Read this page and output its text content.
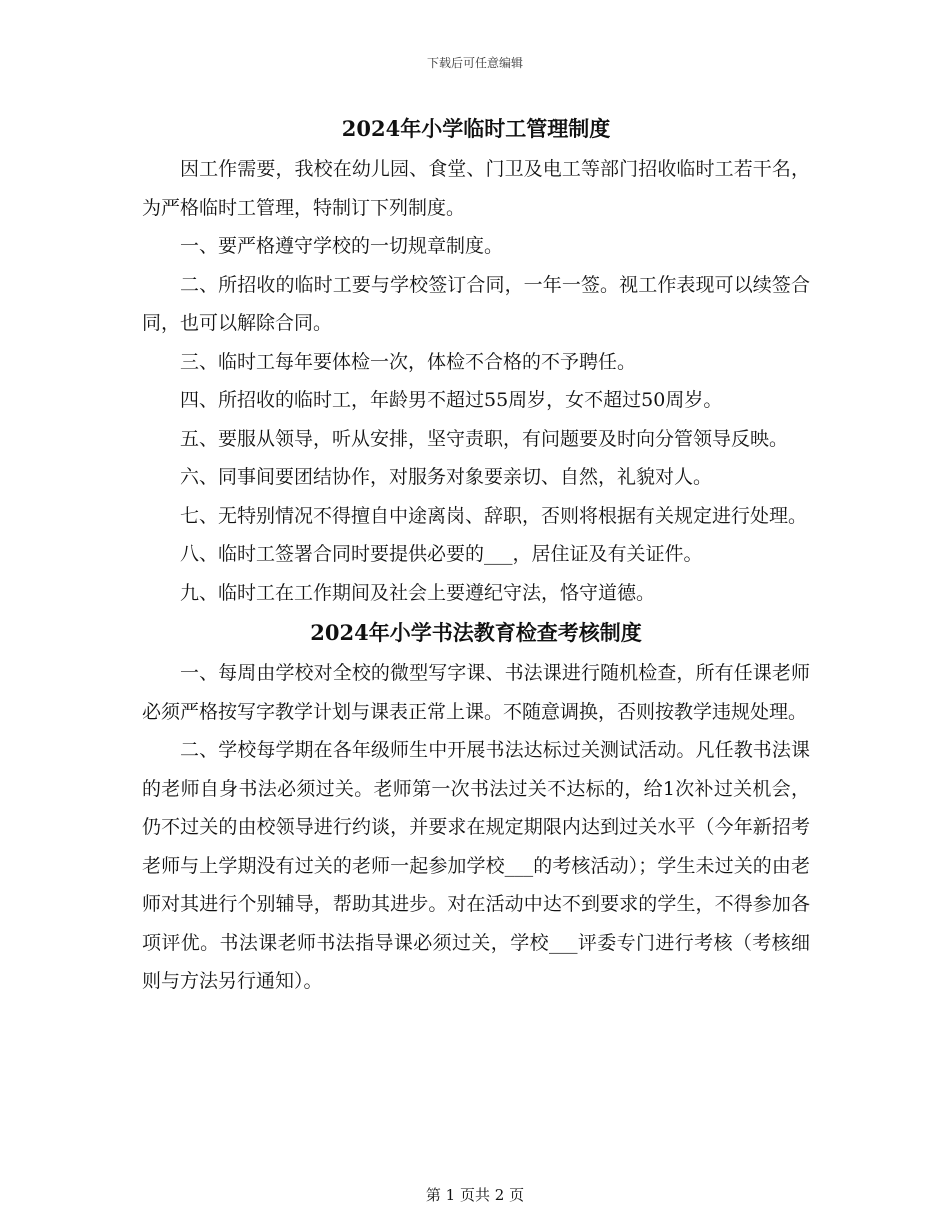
下载后可任意编辑
2024年小学临时工管理制度

因工作需要，我校在幼儿园、食堂、门卫及电工等部门招收临时工若干名，为严格临时工管理，特制订下列制度。

一、要严格遵守学校的一切规章制度。

二、所招收的临时工要与学校签订合同，一年一签。视工作表现可以续签合同，也可以解除合同。

三、临时工每年要体检一次，体检不合格的不予聘任。

四、所招收的临时工，年龄男不超过55周岁，女不超过50周岁。

五、要服从领导，听从安排，坚守责职，有问题要及时向分管领导反映。

六、同事间要团结协作，对服务对象要亲切、自然，礼貌对人。

七、无特别情况不得擅自中途离岗、辞职，否则将根据有关规定进行处理。

八、临时工签署合同时要提供必要的___，居住证及有关证件。

九、临时工在工作期间及社会上要遵纪守法，恪守道德。

2024年小学书法教育检查考核制度

一、每周由学校对全校的微型写字课、书法课进行随机检查，所有任课老师必须严格按写字教学计划与课表正常上课。不随意调换，否则按教学违规处理。

二、学校每学期在各年级师生中开展书法达标过关测试活动。凡任教书法课的老师自身书法必须过关。老师第一次书法过关不达标的，给1次补过关机会，仍不过关的由校领导进行约谈，并要求在规定期限内达到过关水平（今年新招考老师与上学期没有过关的老师一起参加学校___的考核活动）；学生未过关的由老师对其进行个别辅导，帮助其进步。对在活动中达不到要求的学生，不得参加各项评优。书法课老师书法指导课必须过关，学校___评委专门进行考核（考核细则与方法另行通知）。

第 1 页共 2 页
